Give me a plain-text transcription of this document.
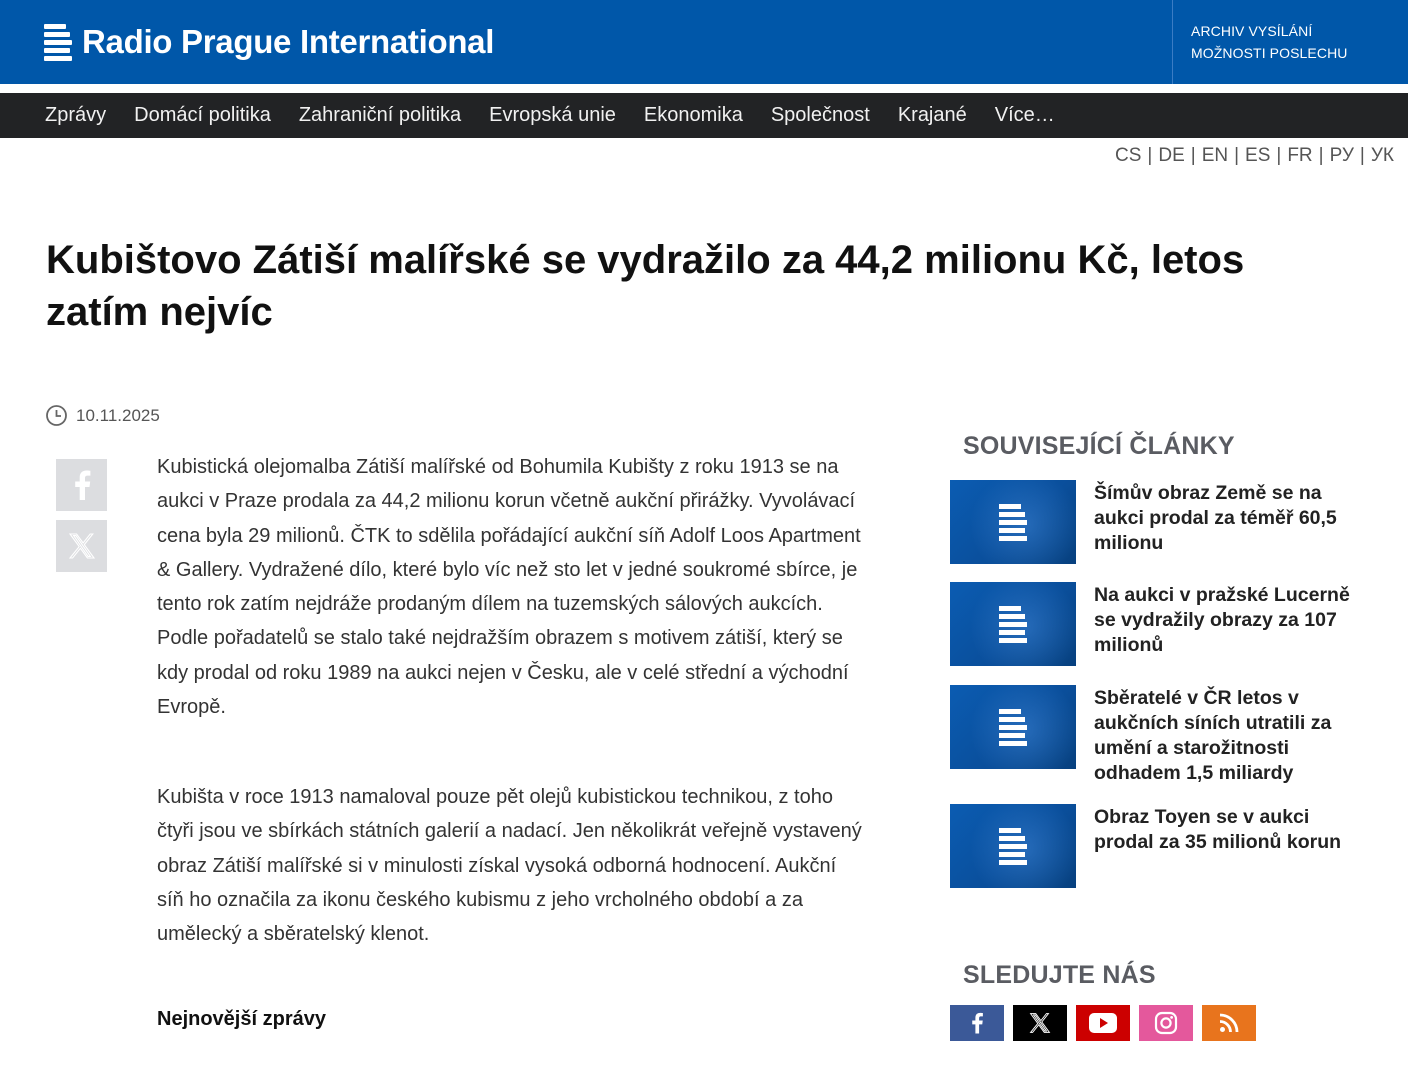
Radio Prague International	ARCHIV VYSÍLÁNÍ
MOŽNOSTI POSLECHU
Zprávy Domácí politika Zahraniční politika Evropská unie Ekonomika Společnost Krajané Více…
CS | DE | EN | ES | FR | РУ | УК
Kubištovo Zátiší malířské se vydražilo za 44,2 milionu Kč, letos zatím nejvíc
10.11.2025

Kubistická olejomalba Zátiší malířské od Bohumila Kubišty z roku 1913 se na aukci v Praze prodala za 44,2 milionu korun včetně aukční přirážky. Vyvolávací cena byla 29 milionů. ČTK to sdělila pořádající aukční síň Adolf Loos Apartment & Gallery. Vydražené dílo, které bylo víc než sto let v jedné soukromé sbírce, je tento rok zatím nejdráže prodaným dílem na tuzemských sálových aukcích. Podle pořadatelů se stalo také nejdražším obrazem s motivem zátiší, který se kdy prodal od roku 1989 na aukci nejen v Česku, ale v celé střední a východní Evropě.

Kubišta v roce 1913 namaloval pouze pět olejů kubistickou technikou, z toho čtyři jsou ve sbírkách státních galerií a nadací. Jen několikrát veřejně vystavený obraz Zátiší malířské si v minulosti získal vysoká odborná hodnocení. Aukční síň ho označila za ikonu českého kubismu z jeho vrcholného období a za umělecký a sběratelský klenot.

Nejnovější zprávy
SOUVISEJÍCÍ ČLÁNKY
Šímův obraz Země se na aukci prodal za téměř 60,5 milionu
Na aukci v pražské Lucerně se vydražily obrazy za 107 milionů
Sběratelé v ČR letos v aukčních síních utratili za umění a starožitnosti odhadem 1,5 miliardy
Obraz Toyen se v aukci prodal za 35 milionů korun
SLEDUJTE NÁS
